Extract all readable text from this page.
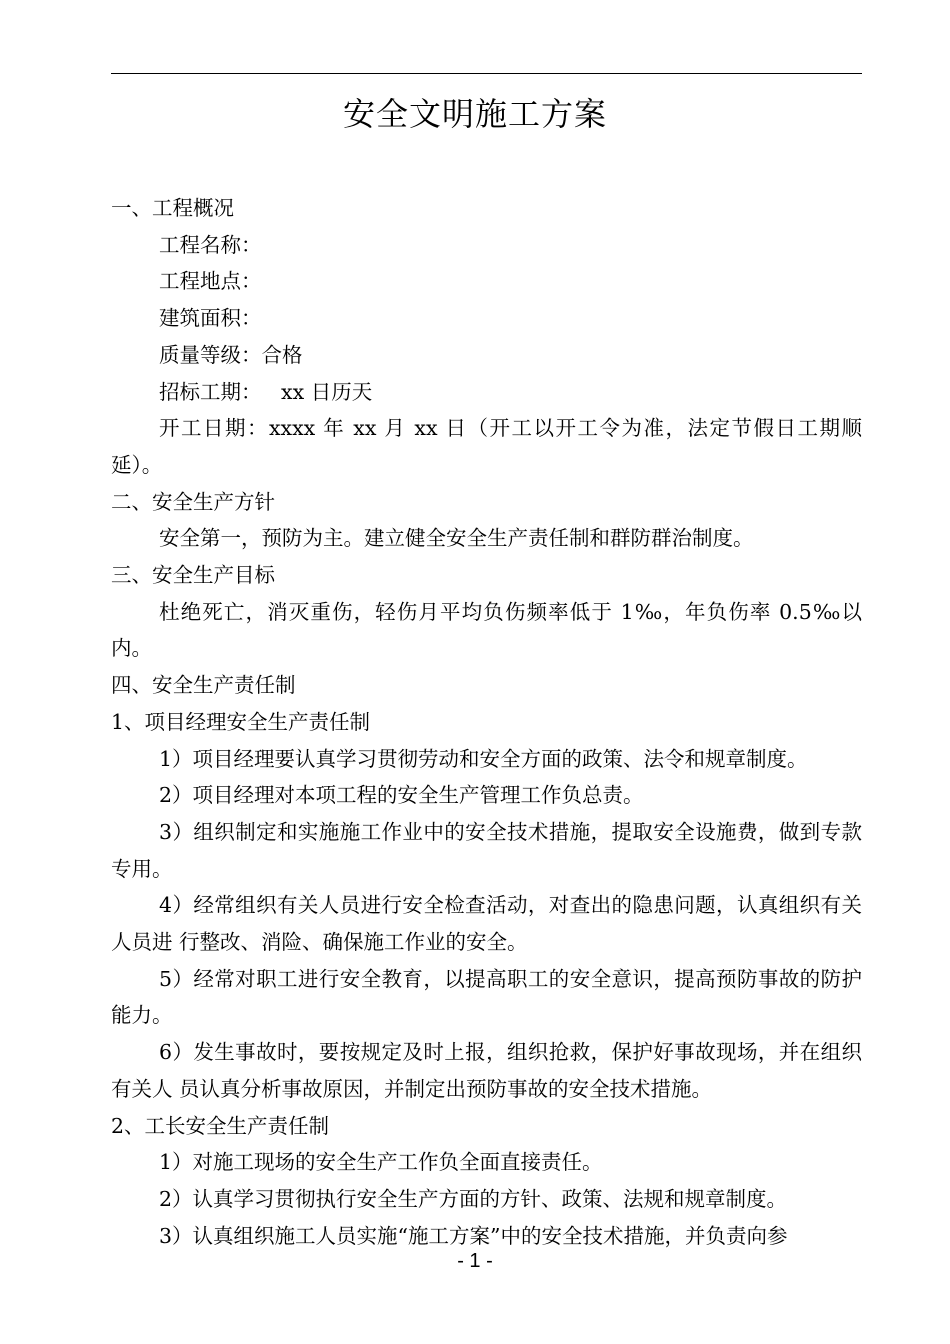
安全文明施工方案

一、工程概况

工程名称：

工程地点：

建筑面积：

质量等级：合格

招标工期：   xx 日历天

开工日期：xxxx 年 xx 月 xx 日（开工以开工令为准，法定节假日工期顺延）。

二、安全生产方针

安全第一，预防为主。建立健全安全生产责任制和群防群治制度。

三、安全生产目标

杜绝死亡，消灭重伤，轻伤月平均负伤频率低于 1‰，年负伤率 0.5‰以内。

四、安全生产责任制

1、项目经理安全生产责任制

1）项目经理要认真学习贯彻劳动和安全方面的政策、法令和规章制度。

2）项目经理对本项工程的安全生产管理工作负总责。

3）组织制定和实施施工作业中的安全技术措施，提取安全设施费，做到专款专用。

4）经常组织有关人员进行安全检查活动，对查出的隐患问题，认真组织有关人员进 行整改、消险、确保施工作业的安全。

5）经常对职工进行安全教育，以提高职工的安全意识，提高预防事故的防护能力。

6）发生事故时，要按规定及时上报，组织抢救，保护好事故现场，并在组织有关人 员认真分析事故原因，并制定出预防事故的安全技术措施。

2、工长安全生产责任制

1）对施工现场的安全生产工作负全面直接责任。

2）认真学习贯彻执行安全生产方面的方针、政策、法规和规章制度。

3）认真组织施工人员实施“施工方案”中的安全技术措施，并负责向参

- 1 -
